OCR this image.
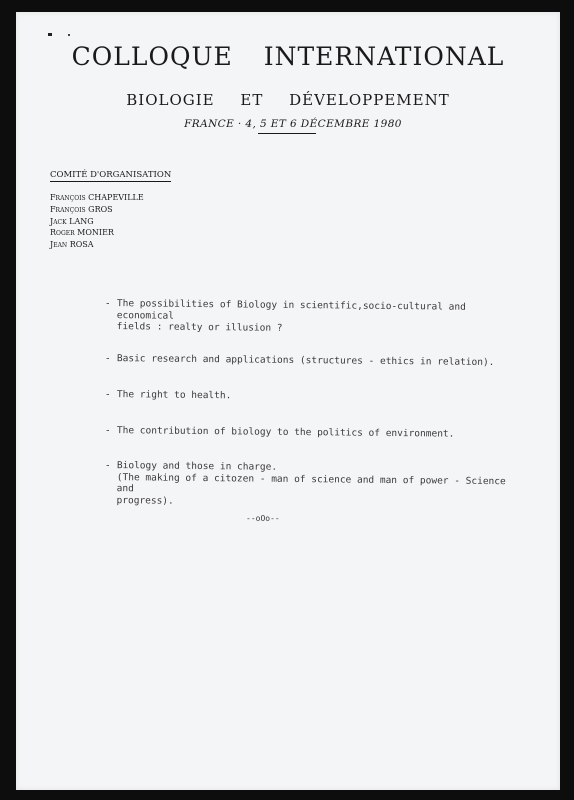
COLLOQUE INTERNATIONAL
BIOLOGIE ET DÉVELOPPEMENT
FRANCE · 4, 5 ET 6 DÉCEMBRE 1980
COMITÉ D'ORGANISATION
François CHAPEVILLE
François GROS
Jack LANG
Roger MONIER
Jean ROSA
- The possibilities of Biology in scientific,socio-cultural and economical
fields : realty or illusion ?
- Basic research and applications (structures - ethics in relation).
- The right to health.
- The contribution of biology to the politics of environment.
- Biology and those in charge.
(The making of a citozen - man of science and man of power - Science and
progress).
--oOo--
